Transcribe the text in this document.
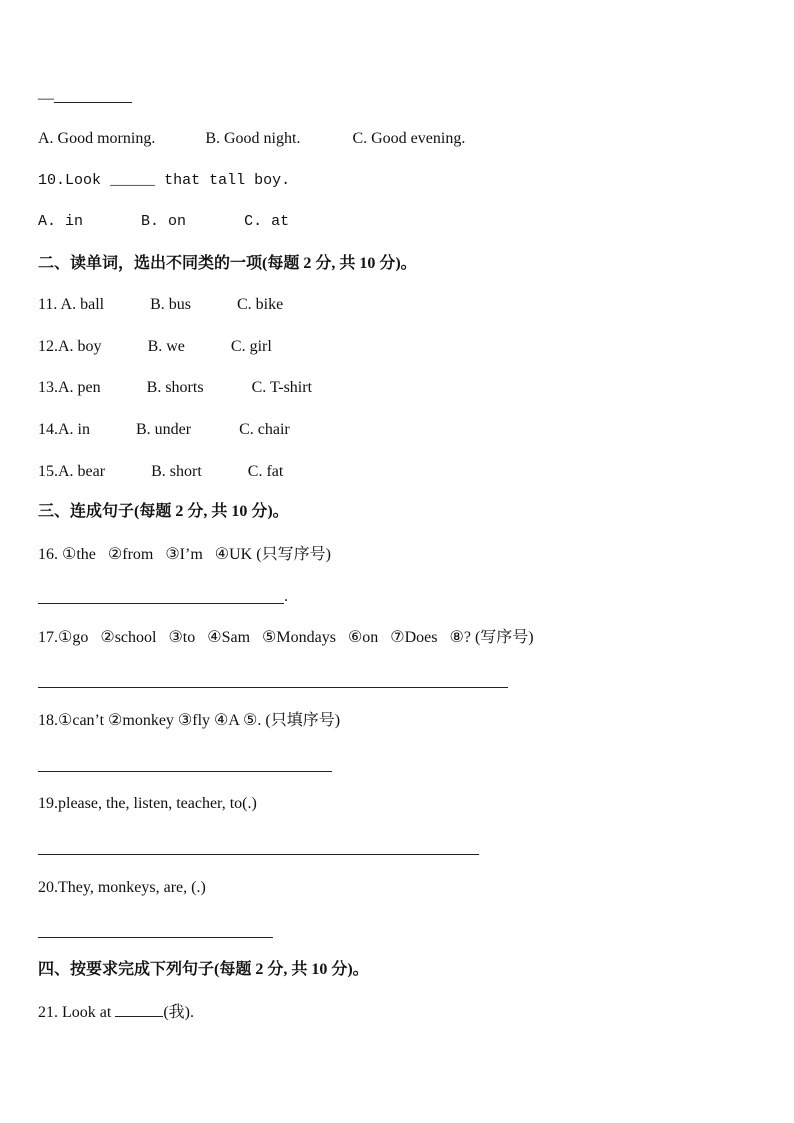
—
A. Good morning.	B. Good night.	C. Good evening.
10.Look _____ that tall boy.
A. in	B. on	C. at
二、读单词，选出不同类的一项(每题 2 分, 共 10 分)。
11. A. ball	B. bus	C. bike
12.A. boy	B. we	C. girl
13.A. pen	B. shorts	C. T-shirt
14.A. in	B. under	C. chair
15.A. bear	B. short	C. fat
三、连成句子(每题 2 分, 共 10 分)。
16. ①the   ②from   ③I’m   ④UK (只写序号)
.
17.①go   ②school   ③to   ④Sam   ⑤Mondays   ⑥on   ⑦Does   ⑧? (写序号)
18.①can’t ②monkey ③fly ④A ⑤. (只填序号)
19.please, the, listen, teacher, to(.)
20.They, monkeys, are, (.)
四、按要求完成下列句子(每题 2 分, 共 10 分)。
21. Look at	(我).
